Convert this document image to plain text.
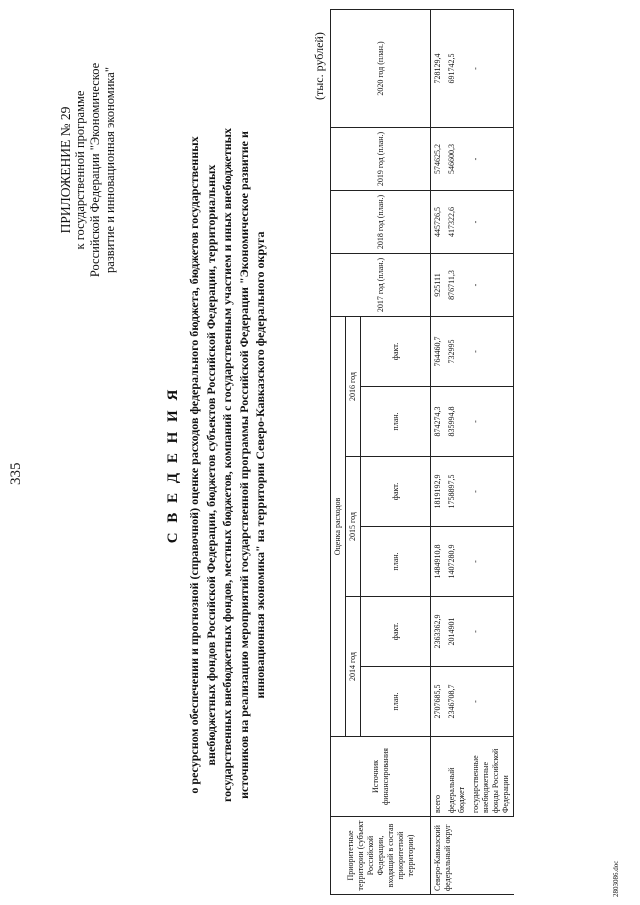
335
ПРИЛОЖЕНИЕ № 29 к государственной программе Российской Федерации "Экономическое развитие и инновационная экономика"
С В Е Д Е Н И Я о ресурсном обеспечении и прогнозной (справочной) оценке расходов федерального бюджета, бюджетов государственных внебюджетных фондов Российской Федерации, бюджетов субъектов Российской Федерации, территориальных государственных внебюджетных фондов, местных бюджетов, компаний с государственным участием и иных внебюджетных источников на реализацию мероприятий государственной программы Российской Федерации "Экономическое развитие и инновационная экономика" на территории Северо-Кавказского федерального округа
(тыс. рублей)
Приоритетные территории (субъект Российской Федерации, входящий в состав приоритетной территории)	Источник финансирования	Оценка расходов						2017 год (план.)	2018 год (план.)	2019 год (план.)	2020 год (план.)
		2014 год		2015 год		2016 год					
		план.	факт.	план.	факт.	план.	факт.				
Северо-Кавказский федеральный округ	всего	2707685,5	2363362,9	1484910,8	1819192,9	874274,3	764460,7	925111	445726,5	574625,2	728129,4
	федеральный бюджет	2346708,7	2014901	1407280,9	1758897,5	835994,8	732995	876711,3	417322,6	546600,3	691742,5
	государственные внебюджетные фонды Российской Федерации	-	-	-	-	-	-	-	-	-	-
2803086.doc
